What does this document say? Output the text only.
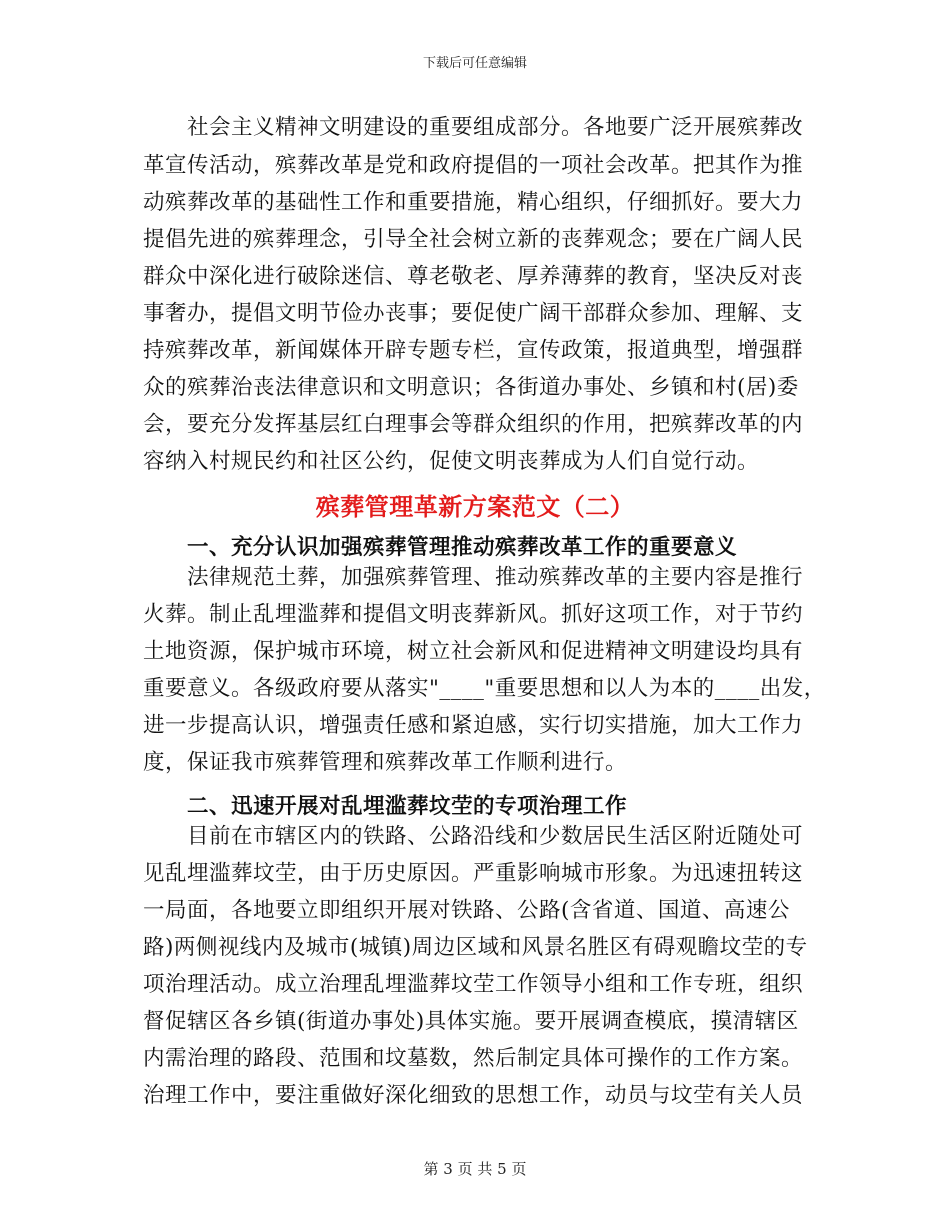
下载后可任意编辑
社会主义精神文明建设的重要组成部分。各地要广泛开展殡葬改
革宣传活动，殡葬改革是党和政府提倡的一项社会改革。把其作为推
动殡葬改革的基础性工作和重要措施，精心组织，仔细抓好。要大力
提倡先进的殡葬理念，引导全社会树立新的丧葬观念；要在广阔人民
群众中深化进行破除迷信、尊老敬老、厚养薄葬的教育，坚决反对丧
事奢办，提倡文明节俭办丧事；要促使广阔干部群众参加、理解、支
持殡葬改革，新闻媒体开辟专题专栏，宣传政策，报道典型，增强群
众的殡葬治丧法律意识和文明意识；各街道办事处、乡镇和村(居)委
会，要充分发挥基层红白理事会等群众组织的作用，把殡葬改革的内
容纳入村规民约和社区公约，促使文明丧葬成为人们自觉行动。
殡葬管理革新方案范文（二）
一、充分认识加强殡葬管理推动殡葬改革工作的重要意义
法律规范土葬，加强殡葬管理、推动殡葬改革的主要内容是推行
火葬。制止乱埋滥葬和提倡文明丧葬新风。抓好这项工作，对于节约
土地资源，保护城市环境，树立社会新风和促进精神文明建设均具有
重要意义。各级政府要从落实"____"重要思想和以人为本的____出发，
进一步提高认识，增强责任感和紧迫感，实行切实措施，加大工作力
度，保证我市殡葬管理和殡葬改革工作顺利进行。
二、迅速开展对乱埋滥葬坟茔的专项治理工作
目前在市辖区内的铁路、公路沿线和少数居民生活区附近随处可
见乱埋滥葬坟茔，由于历史原因。严重影响城市形象。为迅速扭转这
一局面，各地要立即组织开展对铁路、公路(含省道、国道、高速公
路)两侧视线内及城市(城镇)周边区域和风景名胜区有碍观瞻坟茔的专
项治理活动。成立治理乱埋滥葬坟茔工作领导小组和工作专班，组织
督促辖区各乡镇(街道办事处)具体实施。要开展调查模底，摸清辖区
内需治理的路段、范围和坟墓数，然后制定具体可操作的工作方案。
治理工作中，要注重做好深化细致的思想工作，动员与坟茔有关人员
第 3 页 共 5 页
